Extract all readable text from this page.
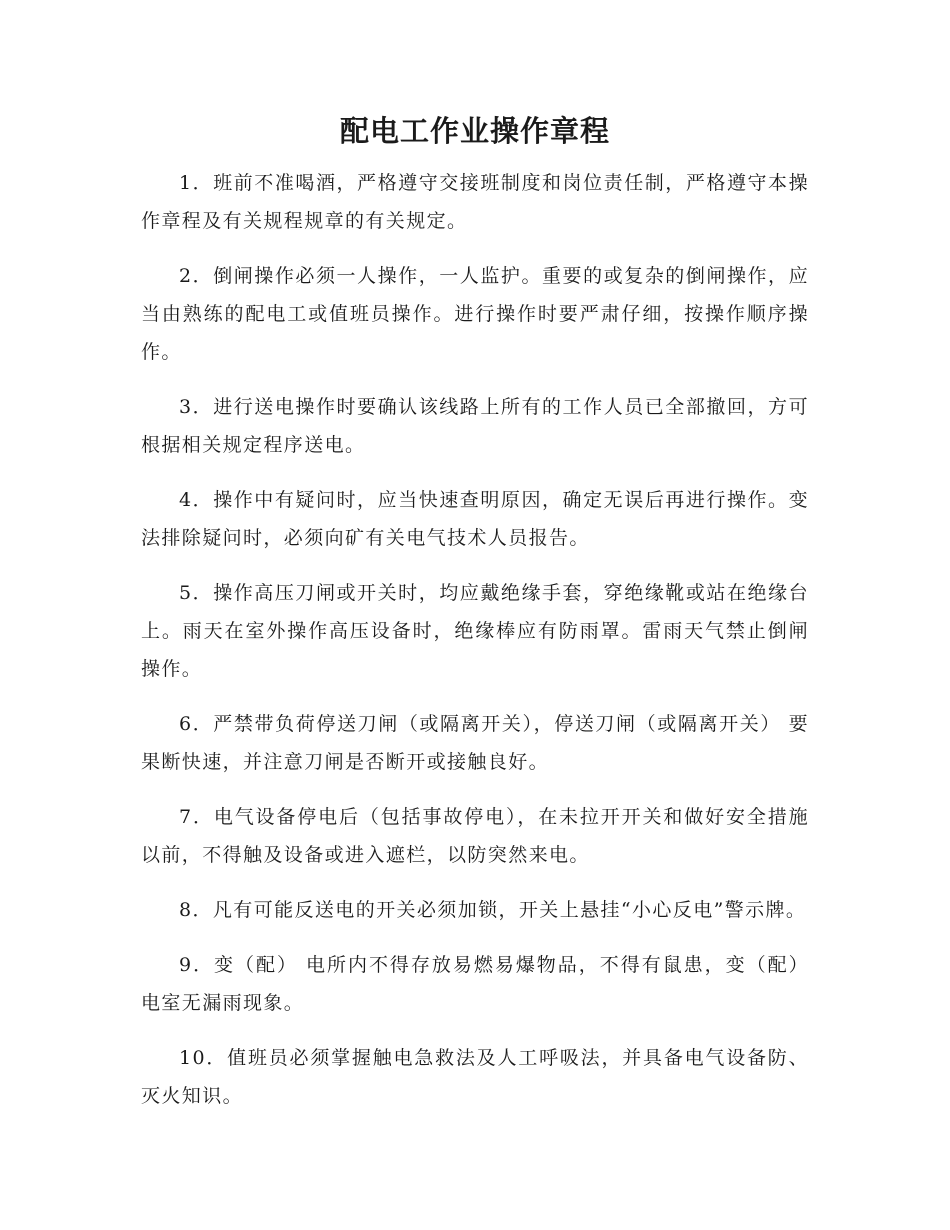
配电工作业操作章程

1．班前不准喝酒，严格遵守交接班制度和岗位责任制，严格遵守本操作章程及有关规程规章的有关规定。

2．倒闸操作必须一人操作，一人监护。重要的或复杂的倒闸操作，应当由熟练的配电工或值班员操作。进行操作时要严肃仔细，按操作顺序操作。

3．进行送电操作时要确认该线路上所有的工作人员已全部撤回，方可根据相关规定程序送电。

4．操作中有疑问时，应当快速查明原因，确定无误后再进行操作。变法排除疑问时，必须向矿有关电气技术人员报告。

5．操作高压刀闸或开关时，均应戴绝缘手套，穿绝缘靴或站在绝缘台上。雨天在室外操作高压设备时，绝缘棒应有防雨罩。雷雨天气禁止倒闸操作。

6．严禁带负荷停送刀闸（或隔离开关），停送刀闸（或隔离开关） 要果断快速，并注意刀闸是否断开或接触良好。

7．电气设备停电后（包括事故停电），在未拉开开关和做好安全措施以前，不得触及设备或进入遮栏，以防突然来电。

8．凡有可能反送电的开关必须加锁，开关上悬挂“小心反电”警示牌。

9．变（配） 电所内不得存放易燃易爆物品，不得有鼠患，变（配） 电室无漏雨现象。

10．值班员必须掌握触电急救法及人工呼吸法，并具备电气设备防、灭火知识。
